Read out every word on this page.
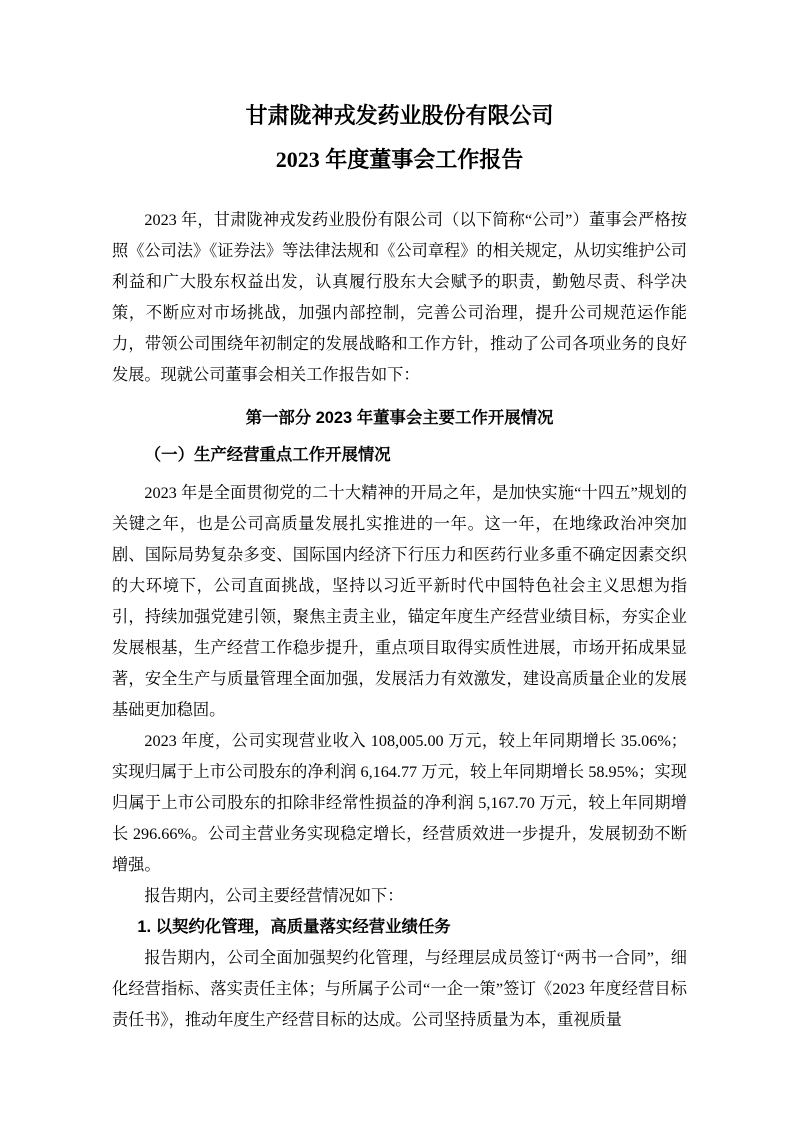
甘肃陇神戎发药业股份有限公司
2023 年度董事会工作报告

2023 年，甘肃陇神戎发药业股份有限公司（以下简称“公司”）董事会严格按照《公司法》《证券法》等法律法规和《公司章程》的相关规定，从切实维护公司利益和广大股东权益出发，认真履行股东大会赋予的职责，勤勉尽责、科学决策，不断应对市场挑战，加强内部控制，完善公司治理，提升公司规范运作能力，带领公司围绕年初制定的发展战略和工作方针，推动了公司各项业务的良好发展。现就公司董事会相关工作报告如下：

第一部分 2023 年董事会主要工作开展情况
（一）生产经营重点工作开展情况

2023 年是全面贯彻党的二十大精神的开局之年，是加快实施“十四五”规划的关键之年，也是公司高质量发展扎实推进的一年。这一年，在地缘政治冲突加剧、国际局势复杂多变、国际国内经济下行压力和医药行业多重不确定因素交织的大环境下，公司直面挑战，坚持以习近平新时代中国特色社会主义思想为指引，持续加强党建引领，聚焦主责主业，锚定年度生产经营业绩目标，夯实企业发展根基，生产经营工作稳步提升，重点项目取得实质性进展，市场开拓成果显著，安全生产与质量管理全面加强，发展活力有效激发，建设高质量企业的发展基础更加稳固。

2023 年度，公司实现营业收入 108,005.00 万元，较上年同期增长 35.06%；实现归属于上市公司股东的净利润 6,164.77 万元，较上年同期增长 58.95%；实现归属于上市公司股东的扣除非经常性损益的净利润 5,167.70 万元，较上年同期增长 296.66%。公司主营业务实现稳定增长，经营质效进一步提升，发展韧劲不断增强。

报告期内，公司主要经营情况如下：

1. 以契约化管理，高质量落实经营业绩任务

报告期内，公司全面加强契约化管理，与经理层成员签订“两书一合同”，细化经营指标、落实责任主体；与所属子公司“一企一策”签订《2023 年度经营目标责任书》，推动年度生产经营目标的达成。公司坚持质量为本，重视质量
